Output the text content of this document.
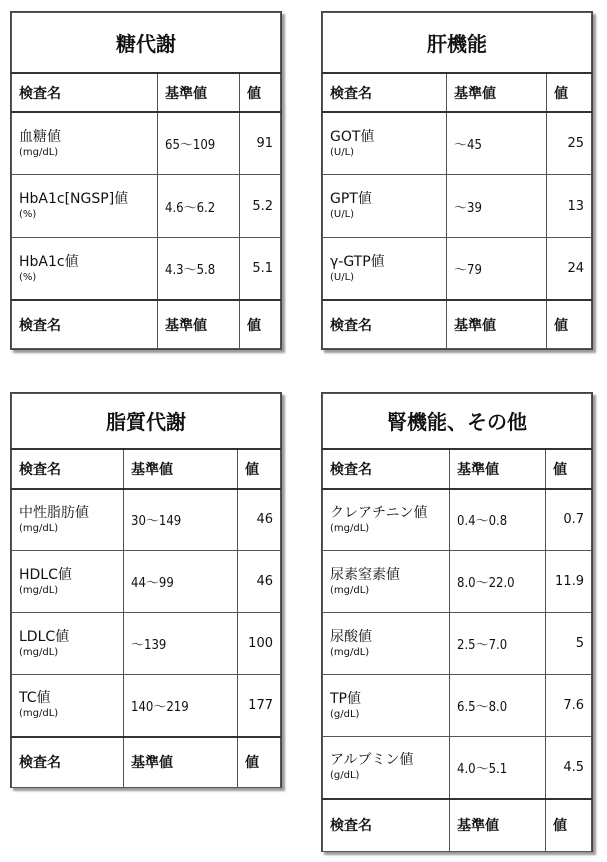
糖代謝		
検査名	基準値	値

血糖値
(mg/dL)	65〜109	91

HbA1c[NGSP]値
(%)	4.6〜6.2	5.2

HbA1c値
(%)	4.3〜5.8	5.1
検査名	基準値	値
肝機能		
検査名	基準値	値

GOT値
(U/L)	〜45	25

GPT値
(U/L)	〜39	13

γ-GTP値
(U/L)	〜79	24
検査名	基準値	値
脂質代謝		
検査名	基準値	値

中性脂肪値
(mg/dL)	30〜149	46

HDLC値
(mg/dL)	44〜99	46

LDLC値
(mg/dL)	〜139	100

TC値
(mg/dL)	140〜219	177
検査名	基準値	値
腎機能、その他		
検査名	基準値	値

クレアチニン値
(mg/dL)	0.4〜0.8	0.7

尿素窒素値
(mg/dL)	8.0〜22.0	11.9

尿酸値
(mg/dL)	2.5〜7.0	5

TP値
(g/dL)	6.5〜8.0	7.6

アルブミン値
(g/dL)	4.0〜5.1	4.5
検査名	基準値	値
